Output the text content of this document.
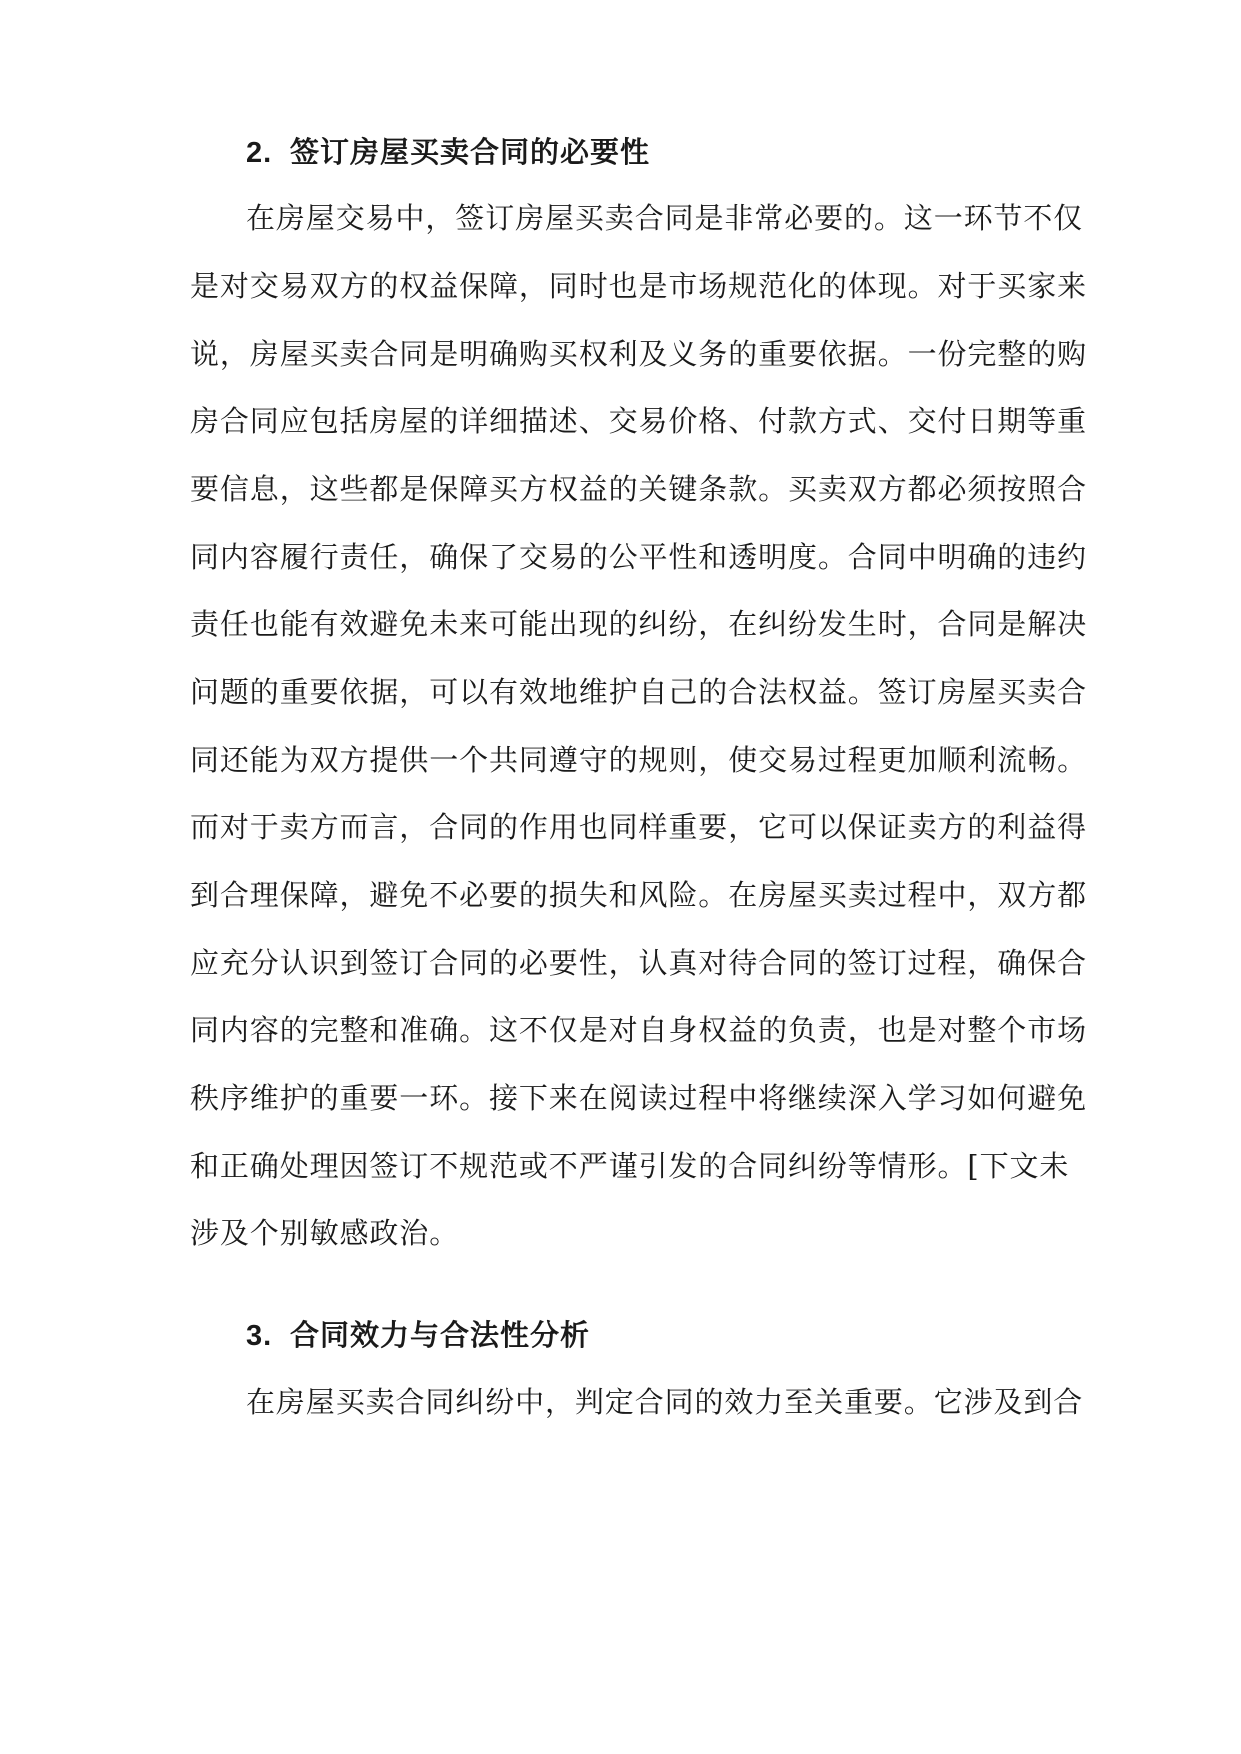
2. 签订房屋买卖合同的必要性
在房屋交易中，签订房屋买卖合同是非常必要的。这一环节不仅
是对交易双方的权益保障，同时也是市场规范化的体现。对于买家来
说，房屋买卖合同是明确购买权利及义务的重要依据。一份完整的购
房合同应包括房屋的详细描述、交易价格、付款方式、交付日期等重
要信息，这些都是保障买方权益的关键条款。买卖双方都必须按照合
同内容履行责任，确保了交易的公平性和透明度。合同中明确的违约
责任也能有效避免未来可能出现的纠纷，在纠纷发生时，合同是解决
问题的重要依据，可以有效地维护自己的合法权益。签订房屋买卖合
同还能为双方提供一个共同遵守的规则，使交易过程更加顺利流畅。
而对于卖方而言，合同的作用也同样重要，它可以保证卖方的利益得
到合理保障，避免不必要的损失和风险。在房屋买卖过程中，双方都
应充分认识到签订合同的必要性，认真对待合同的签订过程，确保合
同内容的完整和准确。这不仅是对自身权益的负责，也是对整个市场
秩序维护的重要一环。接下来在阅读过程中将继续深入学习如何避免
和正确处理因签订不规范或不严谨引发的合同纠纷等情形。[下文未
涉及个别敏感政治。
3. 合同效力与合法性分析
在房屋买卖合同纠纷中，判定合同的效力至关重要。它涉及到合
